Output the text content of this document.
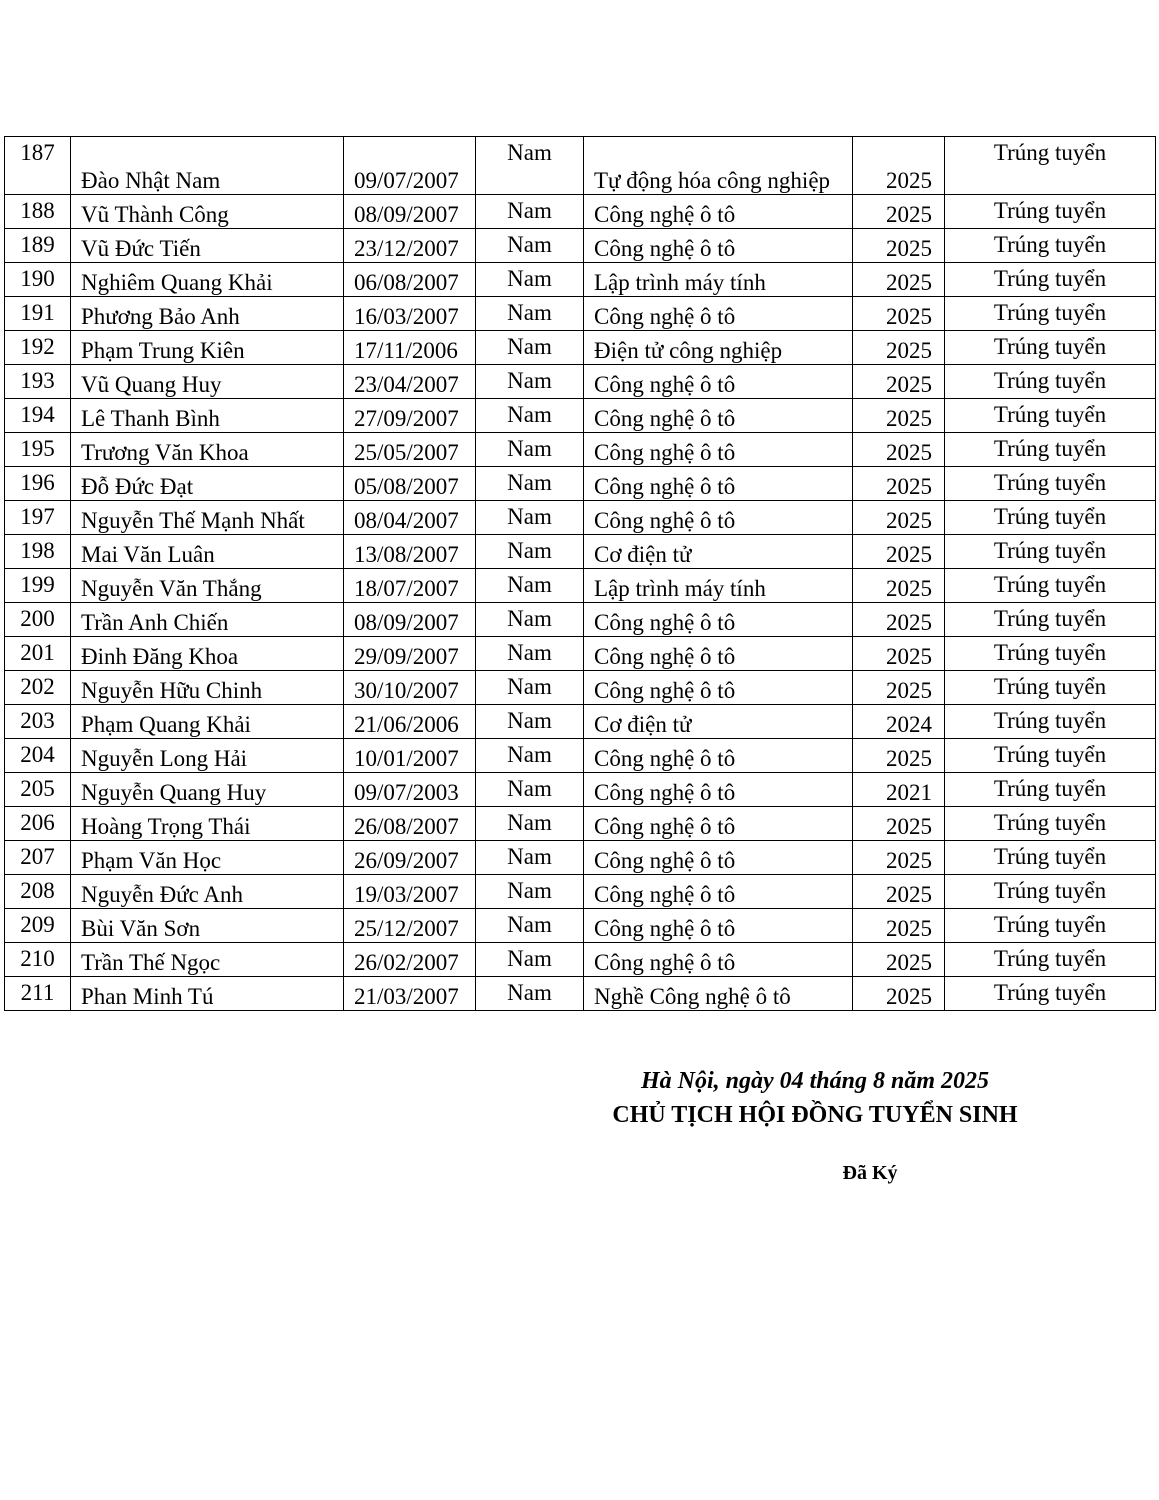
187	Đào Nhật Nam	09/07/2007	Nam	Tự động hóa công nghiệp	2025	Trúng tuyển
188	Vũ Thành Công	08/09/2007	Nam	Công nghệ ô tô	2025	Trúng tuyển
189	Vũ Đức Tiến	23/12/2007	Nam	Công nghệ ô tô	2025	Trúng tuyển
190	Nghiêm Quang Khải	06/08/2007	Nam	Lập trình máy tính	2025	Trúng tuyển
191	Phương Bảo Anh	16/03/2007	Nam	Công nghệ ô tô	2025	Trúng tuyển
192	Phạm Trung Kiên	17/11/2006	Nam	Điện tử công nghiệp	2025	Trúng tuyển
193	Vũ Quang Huy	23/04/2007	Nam	Công nghệ ô tô	2025	Trúng tuyển
194	Lê Thanh Bình	27/09/2007	Nam	Công nghệ ô tô	2025	Trúng tuyển
195	Trương Văn Khoa	25/05/2007	Nam	Công nghệ ô tô	2025	Trúng tuyển
196	Đỗ Đức Đạt	05/08/2007	Nam	Công nghệ ô tô	2025	Trúng tuyển
197	Nguyễn Thế Mạnh Nhất	08/04/2007	Nam	Công nghệ ô tô	2025	Trúng tuyển
198	Mai Văn Luân	13/08/2007	Nam	Cơ điện tử	2025	Trúng tuyển
199	Nguyễn Văn Thắng	18/07/2007	Nam	Lập trình máy tính	2025	Trúng tuyển
200	Trần Anh Chiến	08/09/2007	Nam	Công nghệ ô tô	2025	Trúng tuyển
201	Đinh Đăng Khoa	29/09/2007	Nam	Công nghệ ô tô	2025	Trúng tuyển
202	Nguyễn Hữu Chinh	30/10/2007	Nam	Công nghệ ô tô	2025	Trúng tuyển
203	Phạm Quang Khải	21/06/2006	Nam	Cơ điện tử	2024	Trúng tuyển
204	Nguyễn Long Hải	10/01/2007	Nam	Công nghệ ô tô	2025	Trúng tuyển
205	Nguyễn Quang Huy	09/07/2003	Nam	Công nghệ ô tô	2021	Trúng tuyển
206	Hoàng Trọng Thái	26/08/2007	Nam	Công nghệ ô tô	2025	Trúng tuyển
207	Phạm Văn Học	26/09/2007	Nam	Công nghệ ô tô	2025	Trúng tuyển
208	Nguyễn Đức Anh	19/03/2007	Nam	Công nghệ ô tô	2025	Trúng tuyển
209	Bùi Văn Sơn	25/12/2007	Nam	Công nghệ ô tô	2025	Trúng tuyển
210	Trần Thế Ngọc	26/02/2007	Nam	Công nghệ ô tô	2025	Trúng tuyển
211	Phan Minh Tú	21/03/2007	Nam	Nghề Công nghệ ô tô	2025	Trúng tuyển
Hà Nội, ngày 04 tháng 8 năm 2025
CHỦ TỊCH HỘI ĐỒNG TUYỂN SINH
Đã Ký
